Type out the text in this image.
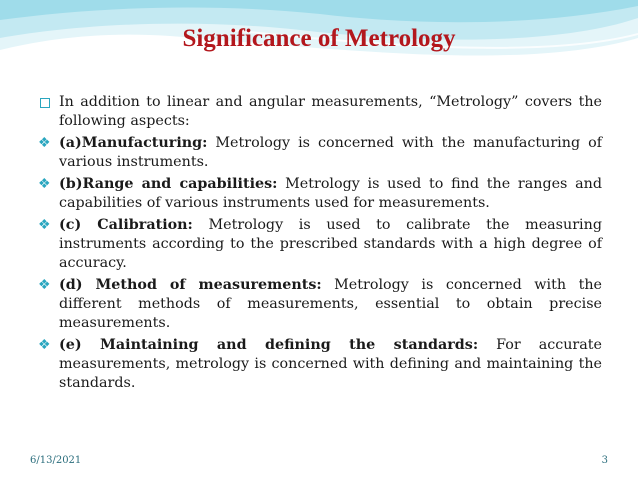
Significance of Metrology
In addition to linear and angular measurements, “Metrology” covers the following aspects:
❖ (a)Manufacturing: Metrology is concerned with the manufacturing of various instruments.
❖ (b)Range and capabilities: Metrology is used to find the ranges and capabilities of various instruments used for measurements.
❖ (c) Calibration: Metrology is used to calibrate the measuring instruments according to the prescribed standards with a high degree of accuracy.
❖ (d) Method of measurements: Metrology is concerned with the different methods of measurements, essential to obtain precise measurements.
❖ (e) Maintaining and defining the standards: For accurate measurements, metrology is concerned with defining and maintaining the standards.
6/13/2021	3
